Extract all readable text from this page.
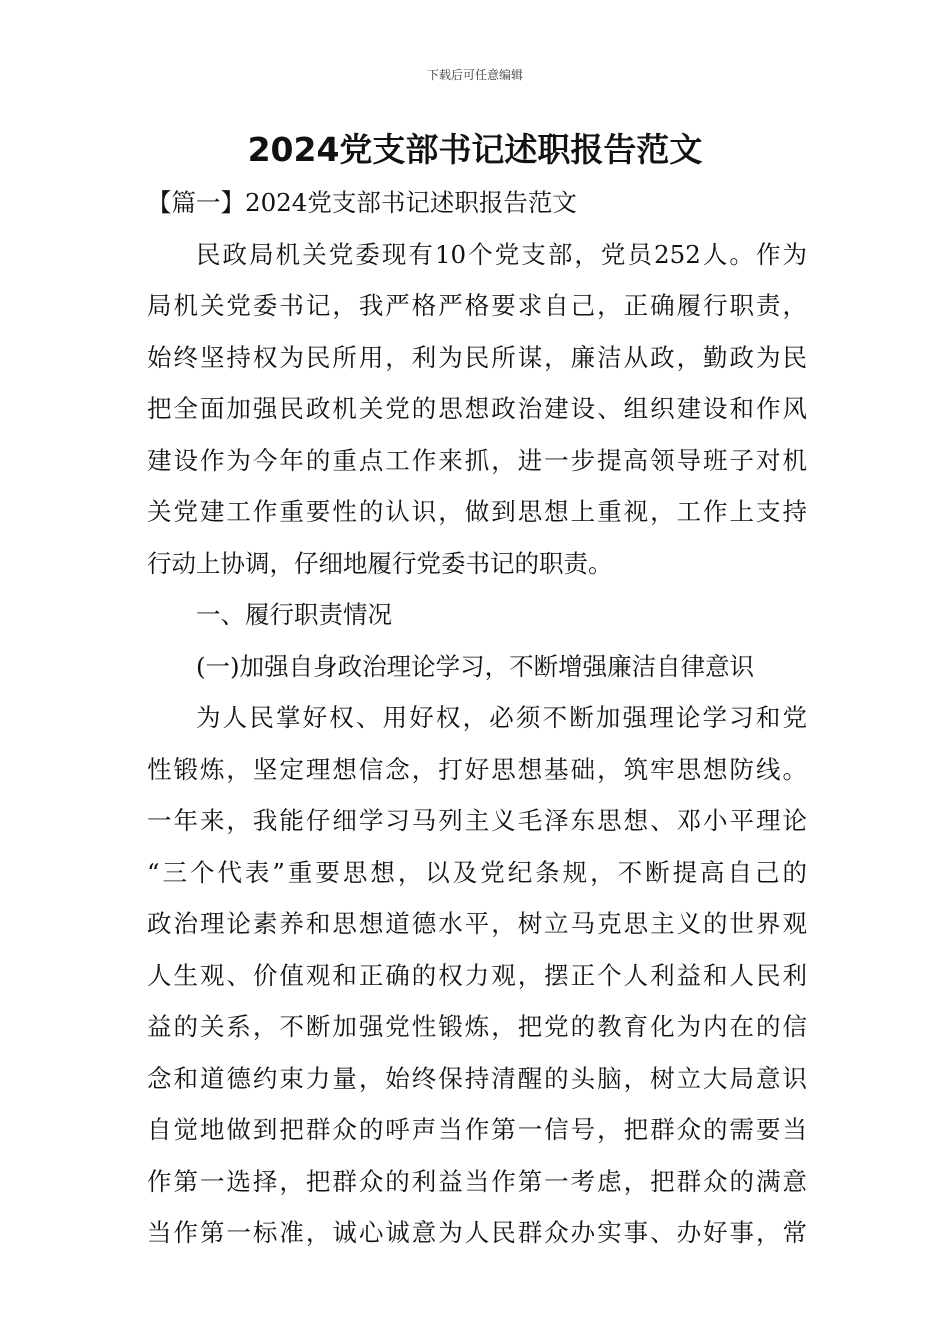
下载后可任意编辑
2024党支部书记述职报告范文
【篇一】2024党支部书记述职报告范文
民政局机关党委现有10个党支部，党员252人。作为
局机关党委书记，我严格严格要求自己，正确履行职责，
始终坚持权为民所用，利为民所谋，廉洁从政，勤政为民
把全面加强民政机关党的思想政治建设、组织建设和作风
建设作为今年的重点工作来抓，进一步提高领导班子对机
关党建工作重要性的认识，做到思想上重视，工作上支持
行动上协调，仔细地履行党委书记的职责。
一、履行职责情况
(一)加强自身政治理论学习，不断增强廉洁自律意识
为人民掌好权、用好权，必须不断加强理论学习和党
性锻炼，坚定理想信念，打好思想基础，筑牢思想防线。
一年来，我能仔细学习马列主义毛泽东思想、邓小平理论
“三个代表”重要思想，以及党纪条规，不断提高自己的
政治理论素养和思想道德水平，树立马克思主义的世界观
人生观、价值观和正确的权力观，摆正个人利益和人民利
益的关系，不断加强党性锻炼，把党的教育化为内在的信
念和道德约束力量，始终保持清醒的头脑，树立大局意识
自觉地做到把群众的呼声当作第一信号，把群众的需要当
作第一选择，把群众的利益当作第一考虑，把群众的满意
当作第一标准，诚心诚意为人民群众办实事、办好事，常
